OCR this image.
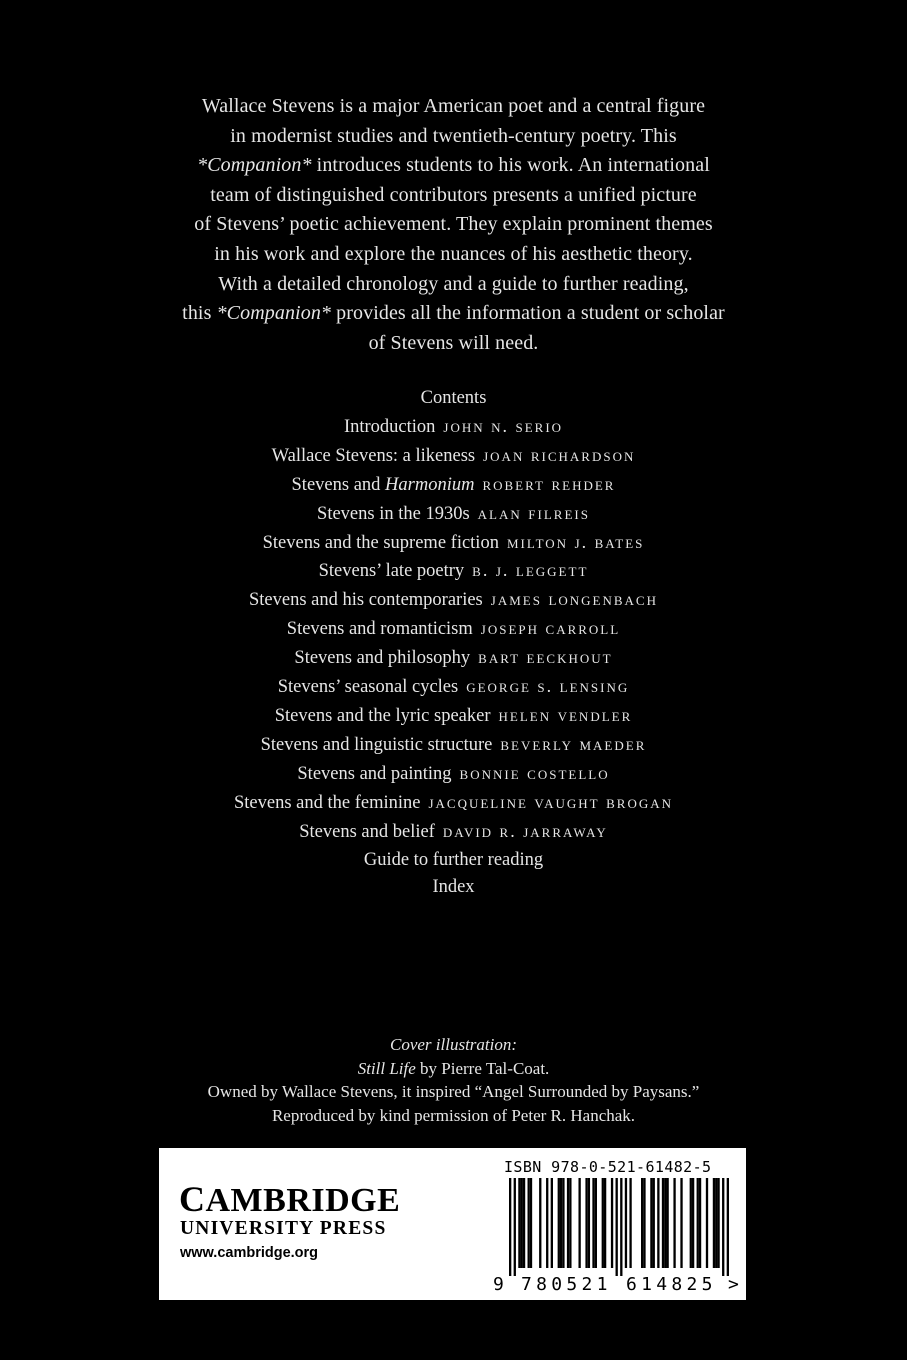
Wallace Stevens is a major American poet and a central figure
in modernist studies and twentieth-century poetry. This
*Companion* introduces students to his work. An international
team of distinguished contributors presents a unified picture
of Stevens’ poetic achievement. They explain prominent themes
in his work and explore the nuances of his aesthetic theory.
With a detailed chronology and a guide to further reading,
this *Companion* provides all the information a student or scholar
of Stevens will need.
Contents
Introduction john n. serio
Wallace Stevens: a likeness joan richardson
Stevens and Harmonium robert rehder
Stevens in the 1930s alan filreis
Stevens and the supreme fiction milton j. bates
Stevens’ late poetry b. j. leggett
Stevens and his contemporaries james longenbach
Stevens and romanticism joseph carroll
Stevens and philosophy bart eeckhout
Stevens’ seasonal cycles george s. lensing
Stevens and the lyric speaker helen vendler
Stevens and linguistic structure beverly maeder
Stevens and painting bonnie costello
Stevens and the feminine jacqueline vaught brogan
Stevens and belief david r. jarraway
Guide to further reading
Index
Cover illustration:
Still Life by Pierre Tal-Coat.
Owned by Wallace Stevens, it inspired “Angel Surrounded by Paysans.”
Reproduced by kind permission of Peter R. Hanchak.
CAMBRIDGE
UNIVERSITY PRESS
www.cambridge.org
ISBN 978-0-521-61482-5
9 780521 614825 >
